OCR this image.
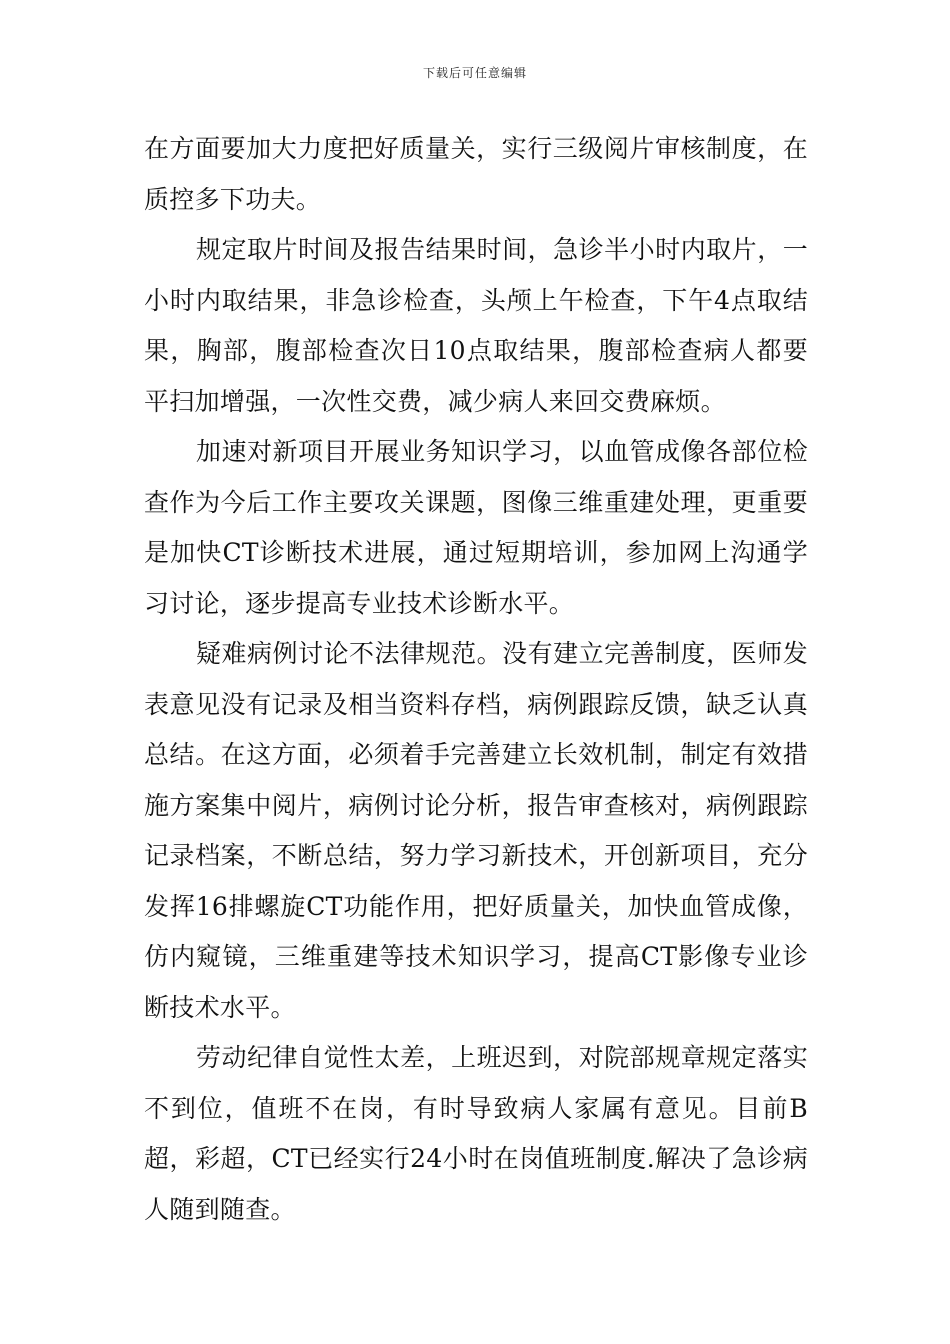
下载后可任意编辑

在方面要加大力度把好质量关，实行三级阅片审核制度，在质控多下功夫。

规定取片时间及报告结果时间，急诊半小时内取片，一小时内取结果，非急诊检查，头颅上午检查，下午4点取结果，胸部，腹部检查次日10点取结果，腹部检查病人都要平扫加增强，一次性交费，减少病人来回交费麻烦。

加速对新项目开展业务知识学习，以血管成像各部位检查作为今后工作主要攻关课题，图像三维重建处理，更重要是加快CT诊断技术进展，通过短期培训，参加网上沟通学习讨论，逐步提高专业技术诊断水平。

疑难病例讨论不法律规范。没有建立完善制度，医师发表意见没有记录及相当资料存档，病例跟踪反馈，缺乏认真总结。在这方面，必须着手完善建立长效机制，制定有效措施方案集中阅片，病例讨论分析，报告审查核对，病例跟踪记录档案，不断总结，努力学习新技术，开创新项目，充分发挥16排螺旋CT功能作用，把好质量关，加快血管成像，仿内窥镜，三维重建等技术知识学习，提高CT影像专业诊断技术水平。

劳动纪律自觉性太差，上班迟到，对院部规章规定落实不到位，值班不在岗，有时导致病人家属有意见。目前B超，彩超，CT已经实行24小时在岗值班制度.解决了急诊病人随到随查。
